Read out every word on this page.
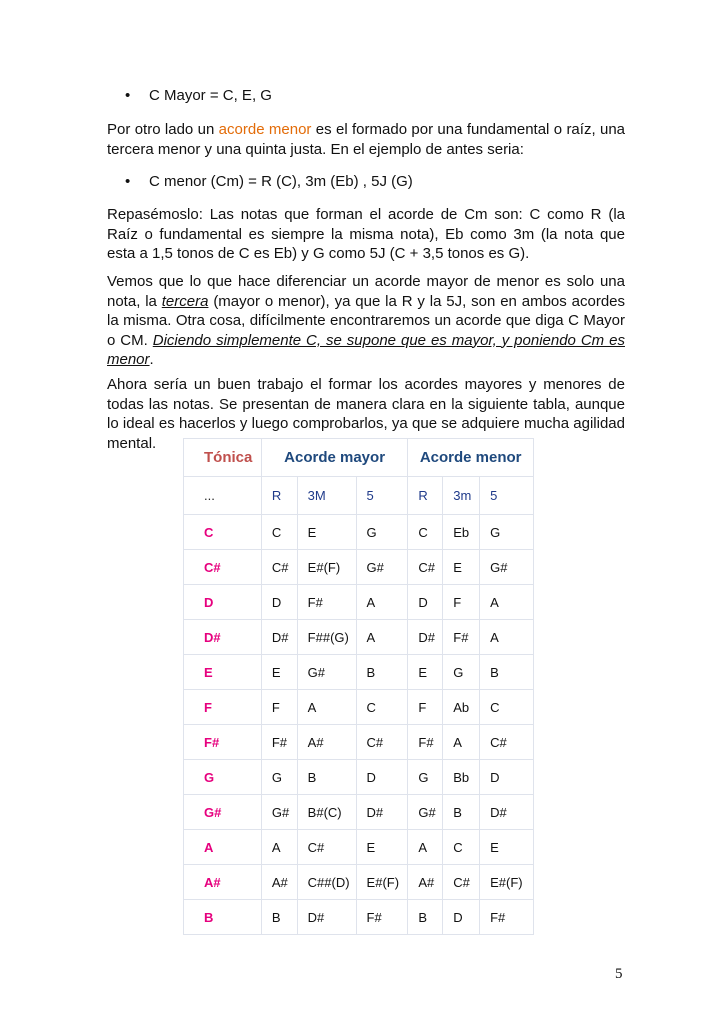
• C Mayor = C, E, G

Por otro lado un acorde menor es el formado por una fundamental o raíz, una tercera menor y una quinta justa. En el ejemplo de antes seria:

• C menor (Cm) = R (C), 3m (Eb) , 5J (G)

Repasémoslo: Las notas que forman el acorde de Cm son: C como R (la Raíz o fundamental es siempre la misma nota), Eb como 3m (la nota que esta a 1,5 tonos de C es Eb) y G como 5J (C + 3,5 tonos es G).

Vemos que lo que hace diferenciar un acorde mayor de menor es solo una nota, la tercera (mayor o menor), ya que la R y la 5J, son en ambos acordes la misma. Otra cosa, difícilmente encontraremos un acorde que diga C Mayor o CM. Diciendo simplemente C, se supone que es mayor, y poniendo Cm es menor.

Ahora sería un buen trabajo el formar los acordes mayores y menores de todas las notas. Se presentan de manera clara en la siguiente tabla, aunque lo ideal es hacerlos y luego comprobarlos, ya que se adquiere mucha agilidad mental.

Tónica	Acorde mayor			Acorde menor		
...	R	3M	5	R	3m	5
C	C	E	G	C	Eb	G
C#	C#	E#(F)	G#	C#	E	G#
D	D	F#	A	D	F	A
D#	D#	F##(G)	A	D#	F#	A
E	E	G#	B	E	G	B
F	F	A	C	F	Ab	C
F#	F#	A#	C#	F#	A	C#
G	G	B	D	G	Bb	D
G#	G#	B#(C)	D#	G#	B	D#
A	A	C#	E	A	C	E
A#	A#	C##(D)	E#(F)	A#	C#	E#(F)
B	B	D#	F#	B	D	F#
5
